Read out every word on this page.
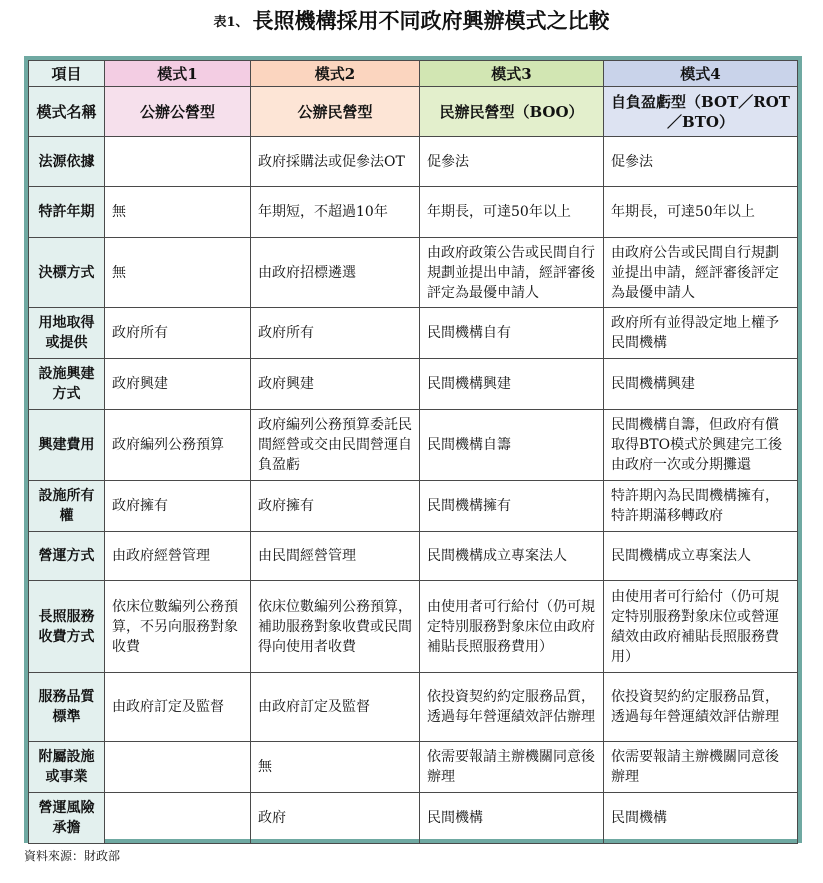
表1、 長照機構採用不同政府興辦模式之比較
項目	模式1	模式2	模式3	模式4
模式名稱	公辦公營型	公辦民營型	民辦民營型（BOO）	自負盈虧型（BOT／ROT／BTO）
法源依據		政府採購法或促參法OT	促參法	促參法
特許年期	無	年期短，不超過10年	年期長，可達50年以上	年期長，可達50年以上
決標方式	無	由政府招標遴選	由政府政策公告或民間自行規劃並提出申請，經評審後評定為最優申請人	由政府公告或民間自行規劃並提出申請，經評審後評定為最優申請人
用地取得或提供	政府所有	政府所有	民間機構自有	政府所有並得設定地上權予民間機構
設施興建方式	政府興建	政府興建	民間機構興建	民間機構興建
興建費用	政府編列公務預算	政府編列公務預算委託民間經營或交由民間營運自負盈虧	民間機構自籌	民間機構自籌，但政府有償取得BTO模式於興建完工後由政府一次或分期攤還
設施所有權	政府擁有	政府擁有	民間機構擁有	特許期內為民間機構擁有，特許期滿移轉政府
營運方式	由政府經營管理	由民間經營管理	民間機構成立專案法人	民間機構成立專案法人
長照服務收費方式	依床位數編列公務預算，不另向服務對象收費	依床位數編列公務預算，補助服務對象收費或民間得向使用者收費	由使用者可行給付（仍可規定特別服務對象床位由政府補貼長照服務費用）	由使用者可行給付（仍可規定特別服務對象床位或營運績效由政府補貼長照服務費用）
服務品質標準	由政府訂定及監督	由政府訂定及監督	依投資契約約定服務品質，透過每年營運績效評估辦理	依投資契約約定服務品質，透過每年營運績效評估辦理
附屬設施或事業		無	依需要報請主辦機關同意後辦理	依需要報請主辦機關同意後辦理
營運風險承擔		政府	民間機構	民間機構
資料來源：財政部
